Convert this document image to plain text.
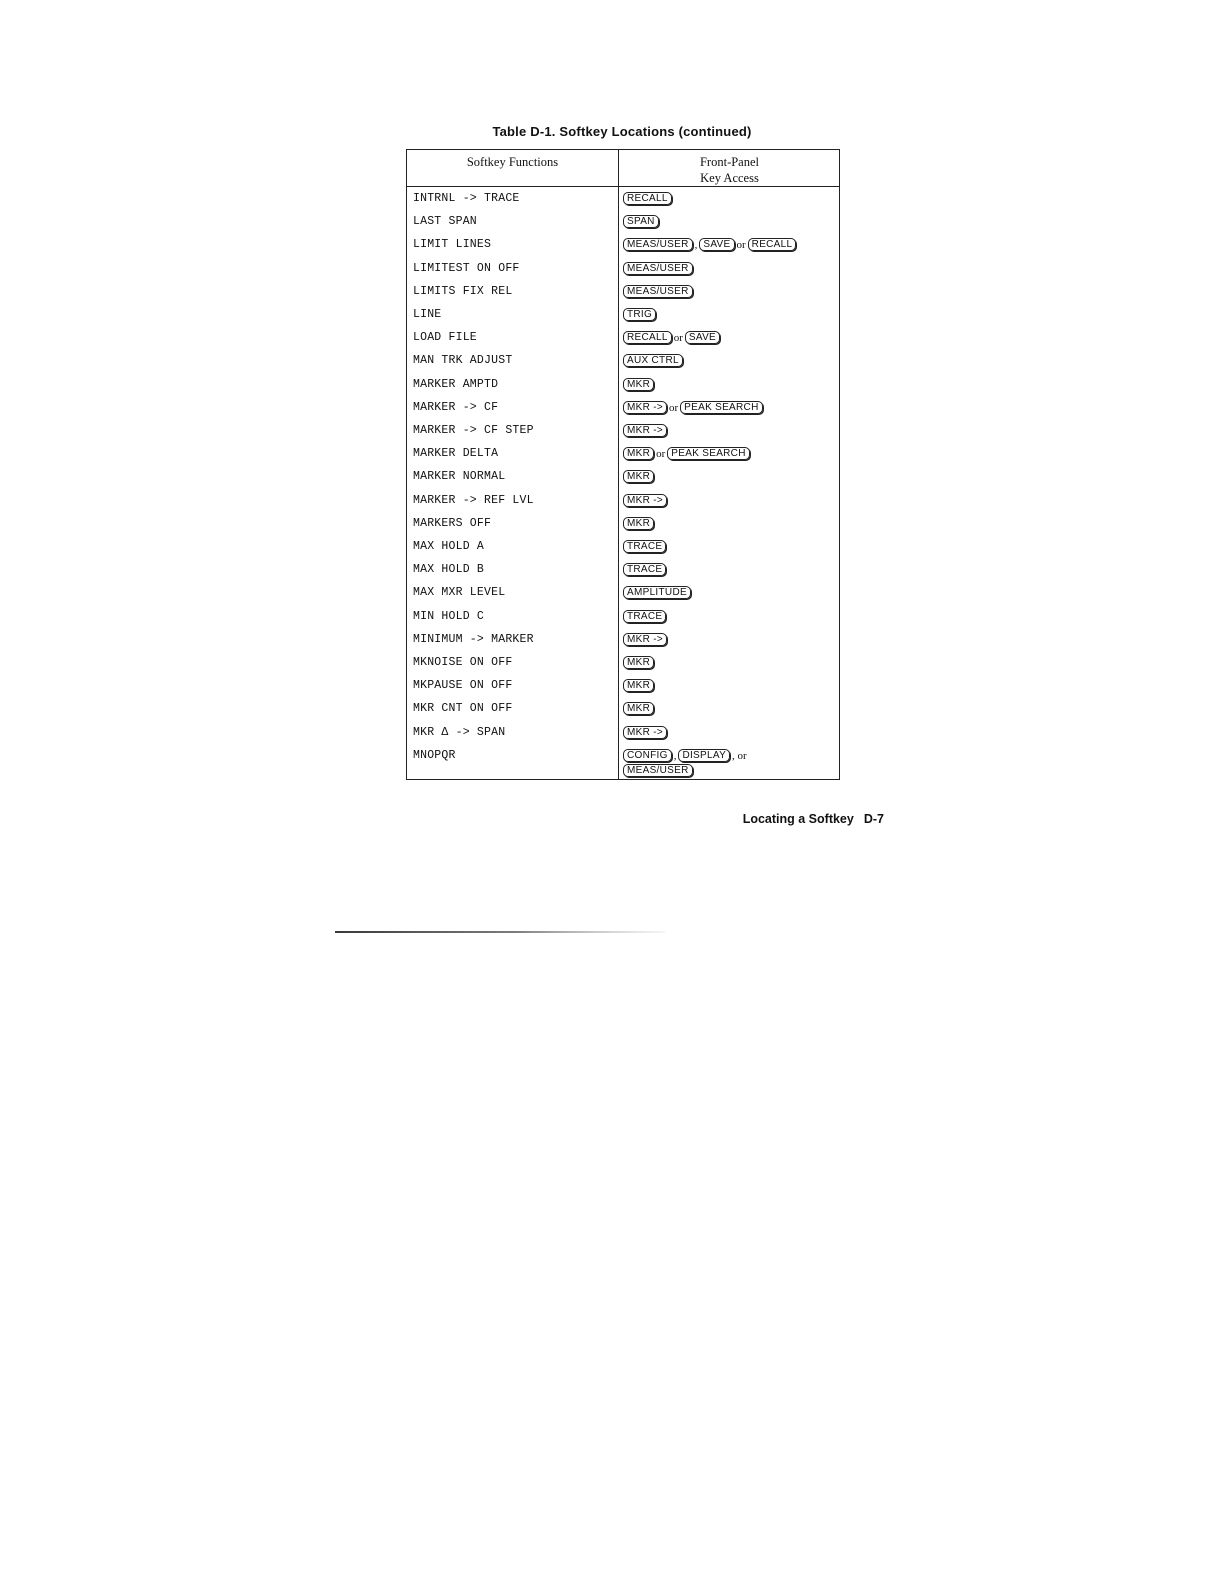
Table D-1. Softkey Locations (continued)
Softkey Functions	Front-Panel
Key Access
INTRNL -> TRACE	RECALL
LAST SPAN	SPAN
LIMIT LINES	MEAS/USER , SAVE or RECALL
LIMITEST ON OFF	MEAS/USER
LIMITS FIX REL	MEAS/USER
LINE	TRIG
LOAD FILE	RECALL or SAVE
MAN TRK ADJUST	AUX CTRL
MARKER AMPTD	MKR
MARKER -> CF	MKR -> or PEAK SEARCH
MARKER -> CF STEP	MKR ->
MARKER DELTA	MKR or PEAK SEARCH
MARKER NORMAL	MKR
MARKER -> REF LVL	MKR ->
MARKERS OFF	MKR
MAX HOLD A	TRACE
MAX HOLD B	TRACE
MAX MXR LEVEL	AMPLITUDE
MIN HOLD C	TRACE
MINIMUM -> MARKER	MKR ->
MKNOISE ON OFF	MKR
MKPAUSE ON OFF	MKR
MKR CNT ON OFF	MKR
MKR Δ -> SPAN	MKR ->
MNOPQR	CONFIG , DISPLAY , or
MEAS/USER
Locating a Softkey D-7
